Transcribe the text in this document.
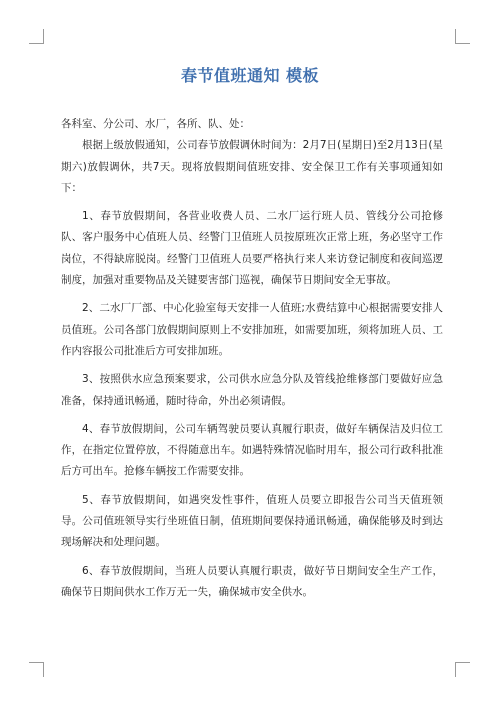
春节值班通知 模板

各科室、分公司、水厂，各所、队、处：

根据上级放假通知，公司春节放假调休时间为：2月7日(星期日)至2月13日(星期六)放假调休，共7天。现将放假期间值班安排、安全保卫工作有关事项通知如下：

1、春节放假期间，各营业收费人员、二水厂运行班人员、管线分公司抢修队、客户服务中心值班人员、经警门卫值班人员按原班次正常上班，务必坚守工作岗位，不得缺席脱岗。经警门卫值班人员要严格执行来人来访登记制度和夜间巡逻制度，加强对重要物品及关键要害部门巡视，确保节日期间安全无事故。

2、二水厂厂部、中心化验室每天安排一人值班;水费结算中心根据需要安排人员值班。公司各部门放假期间原则上不安排加班，如需要加班，须将加班人员、工作内容报公司批准后方可安排加班。

3、按照供水应急预案要求，公司供水应急分队及管线抢维修部门要做好应急准备，保持通讯畅通，随时待命，外出必须请假。

4、春节放假期间，公司车辆驾驶员要认真履行职责，做好车辆保洁及归位工作，在指定位置停放，不得随意出车。如遇特殊情况临时用车，报公司行政科批准后方可出车。抢修车辆按工作需要安排。

5、春节放假期间，如遇突发性事件，值班人员要立即报告公司当天值班领导。公司值班领导实行坐班值日制，值班期间要保持通讯畅通，确保能够及时到达现场解决和处理问题。

6、春节放假期间，当班人员要认真履行职责，做好节日期间安全生产工作，确保节日期间供水工作万无一失，确保城市安全供水。
